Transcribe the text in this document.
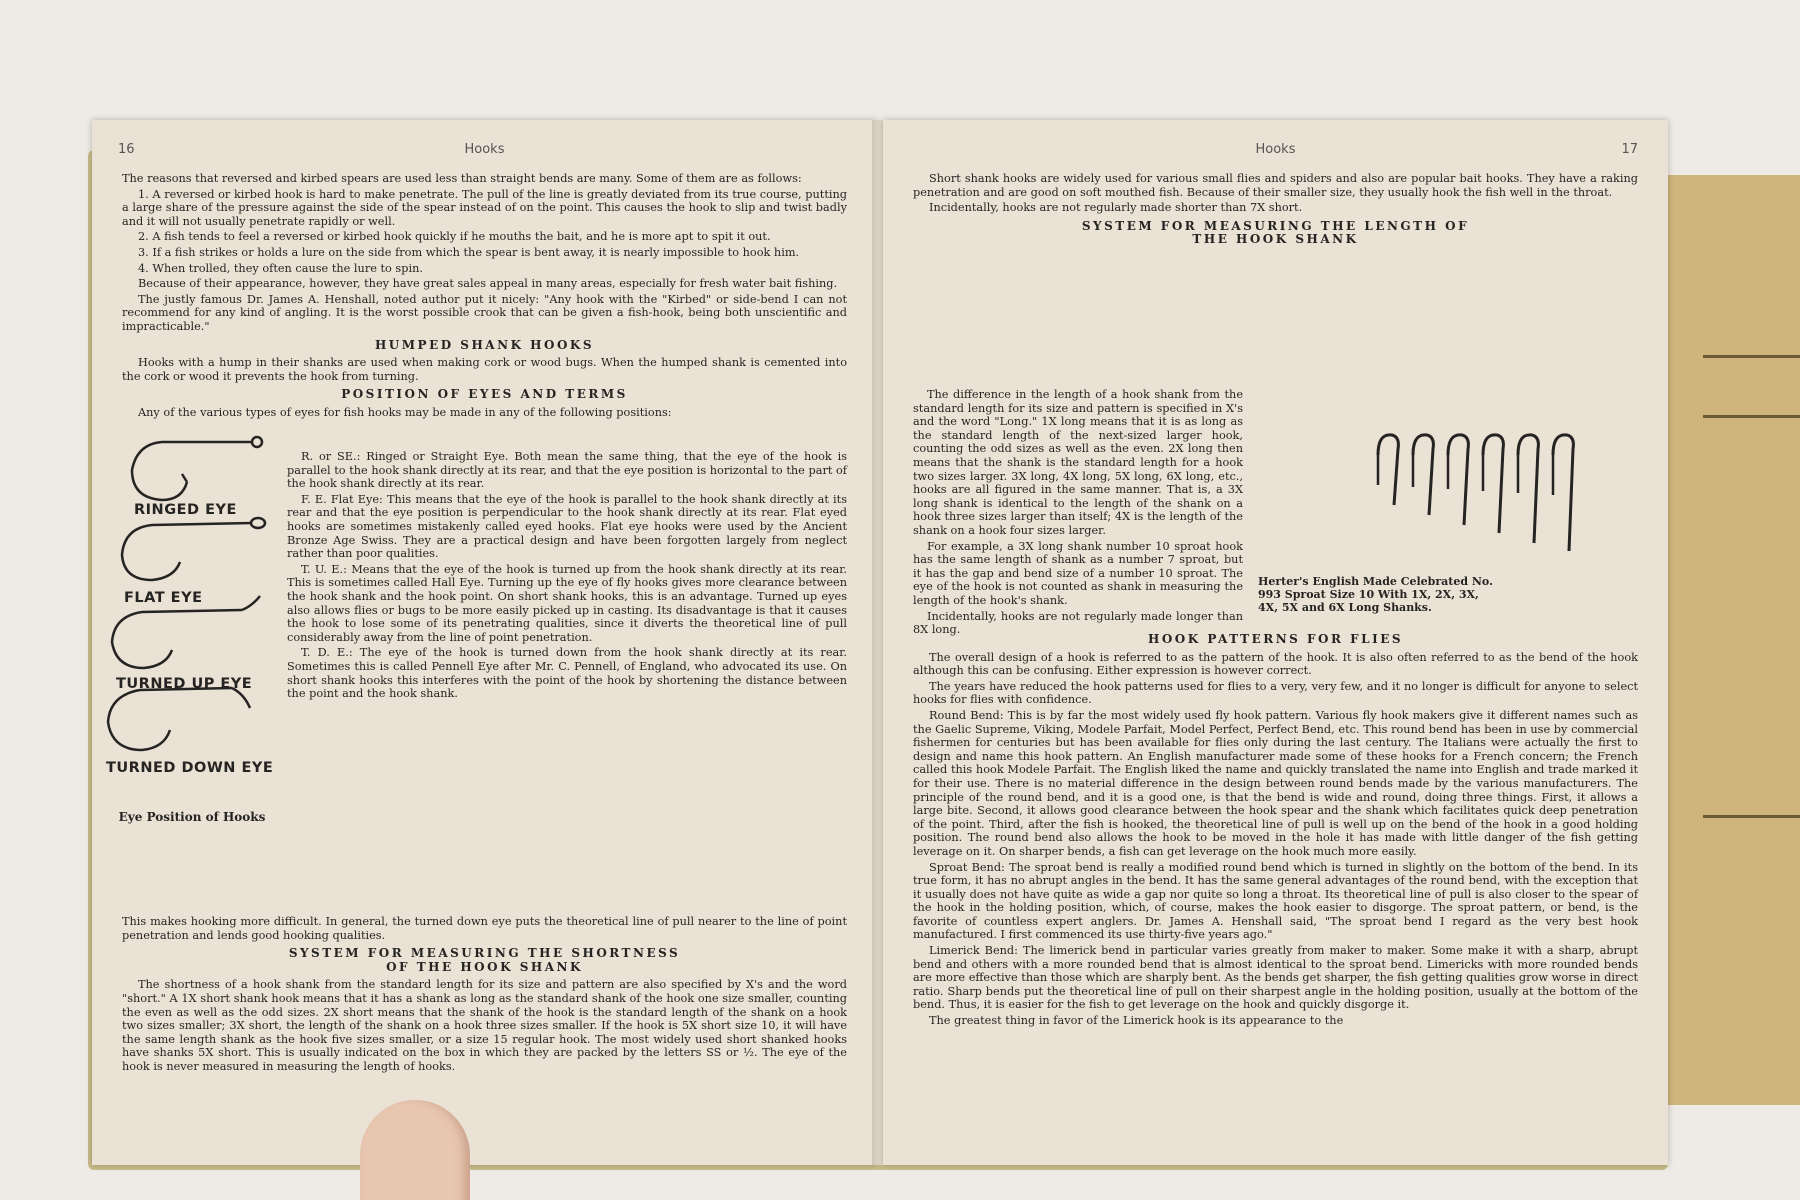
Hooks
16

The reasons that reversed and kirbed spears are used less than straight bends are many. Some of them are as follows:

1. A reversed or kirbed hook is hard to make penetrate. The pull of the line is greatly deviated from its true course, putting a large share of the pressure against the side of the spear instead of on the point. This causes the hook to slip and twist badly and it will not usually penetrate rapidly or well.

2. A fish tends to feel a reversed or kirbed hook quickly if he mouths the bait, and he is more apt to spit it out.

3. If a fish strikes or holds a lure on the side from which the spear is bent away, it is nearly impossible to hook him.

4. When trolled, they often cause the lure to spin.

Because of their appearance, however, they have great sales appeal in many areas, especially for fresh water bait fishing.

The justly famous Dr. James A. Henshall, noted author put it nicely: "Any hook with the "Kirbed" or side-bend I can not recommend for any kind of angling. It is the worst possible crook that can be given a fish-hook, being both unscientific and impracticable."

HUMPED SHANK HOOKS

Hooks with a hump in their shanks are used when making cork or wood bugs. When the humped shank is cemented into the cork or wood it prevents the hook from turning.

POSITION OF EYES AND TERMS

Any of the various types of eyes for fish hooks may be made in any of the following positions:

RINGED EYE
FLAT EYE
TURNED UP EYE
TURNED DOWN EYE
Eye Position of Hooks

R. or SE.: Ringed or Straight Eye. Both mean the same thing, that the eye of the hook is parallel to the hook shank directly at its rear, and that the eye position is horizontal to the part of the hook shank directly at its rear.

F. E. Flat Eye: This means that the eye of the hook is parallel to the hook shank directly at its rear and that the eye position is perpendicular to the hook shank directly at its rear. Flat eyed hooks are sometimes mistakenly called eyed hooks. Flat eye hooks were used by the Ancient Bronze Age Swiss. They are a practical design and have been forgotten largely from neglect rather than poor qualities.

T. U. E.: Means that the eye of the hook is turned up from the hook shank directly at its rear. This is sometimes called Hall Eye. Turning up the eye of fly hooks gives more clearance between the hook shank and the hook point. On short shank hooks, this is an advantage. Turned up eyes also allows flies or bugs to be more easily picked up in casting. Its disadvantage is that it causes the hook to lose some of its penetrating qualities, since it diverts the theoretical line of pull considerably away from the line of point penetration.

T. D. E.: The eye of the hook is turned down from the hook shank directly at its rear. Sometimes this is called Pennell Eye after Mr. C. Pennell, of England, who advocated its use. On short shank hooks this interferes with the point of the hook by shortening the distance between the point and the hook shank.

This makes hooking more difficult. In general, the turned down eye puts the theoretical line of pull nearer to the line of point penetration and lends good hooking qualities.

SYSTEM FOR MEASURING THE SHORTNESS
OF THE HOOK SHANK

The shortness of a hook shank from the standard length for its size and pattern are also specified by X's and the word "short." A 1X short shank hook means that it has a shank as long as the standard shank of the hook one size smaller, counting the even as well as the odd sizes. 2X short means that the shank of the hook is the standard length of the shank on a hook two sizes smaller; 3X short, the length of the shank on a hook three sizes smaller. If the hook is 5X short size 10, it will have the same length shank as the hook five sizes smaller, or a size 15 regular hook. The most widely used short shanked hooks have shanks 5X short. This is usually indicated on the box in which they are packed by the letters SS or ½. The eye of the hook is never measured in measuring the length of hooks.

Hooks	17

Short shank hooks are widely used for various small flies and spiders and also are popular bait hooks. They have a raking penetration and are good on soft mouthed fish. Because of their smaller size, they usually hook the fish well in the throat.

Incidentally, hooks are not regularly made shorter than 7X short.

SYSTEM FOR MEASURING THE LENGTH OF
THE HOOK SHANK

The difference in the length of a hook shank from the standard length for its size and pattern is specified in X's and the word "Long." 1X long means that it is as long as the standard length of the next-sized larger hook, counting the odd sizes as well as the even. 2X long then means that the shank is the standard length for a hook two sizes larger. 3X long, 4X long, 5X long, 6X long, etc., hooks are all figured in the same manner. That is, a 3X long shank is identical to the length of the shank on a hook three sizes larger than itself; 4X is the length of the shank on a hook four sizes larger.

For example, a 3X long shank number 10 sproat hook has the same length of shank as a number 7 sproat, but it has the gap and bend size of a number 10 sproat. The eye of the hook is not counted as shank in measuring the length of the hook's shank.

Incidentally, hooks are not regularly made longer than 8X long.

Herter's English Made Celebrated No. 993 Sproat Size 10 With 1X, 2X, 3X, 4X, 5X and 6X Long Shanks.
HOOK PATTERNS FOR FLIES

The overall design of a hook is referred to as the pattern of the hook. It is also often referred to as the bend of the hook although this can be confusing. Either expression is however correct.

The years have reduced the hook patterns used for flies to a very, very few, and it no longer is difficult for anyone to select hooks for flies with confidence.

Round Bend: This is by far the most widely used fly hook pattern. Various fly hook makers give it different names such as the Gaelic Supreme, Viking, Modele Parfait, Model Perfect, Perfect Bend, etc. This round bend has been in use by commercial fishermen for centuries but has been available for flies only during the last century. The Italians were actually the first to design and name this hook pattern. An English manufacturer made some of these hooks for a French concern; the French called this hook Modele Parfait. The English liked the name and quickly translated the name into English and trade marked it for their use. There is no material difference in the design between round bends made by the various manufacturers. The principle of the round bend, and it is a good one, is that the bend is wide and round, doing three things. First, it allows a large bite. Second, it allows good clearance between the hook spear and the shank which facilitates quick deep penetration of the point. Third, after the fish is hooked, the theoretical line of pull is well up on the bend of the hook in a good holding position. The round bend also allows the hook to be moved in the hole it has made with little danger of the fish getting leverage on it. On sharper bends, a fish can get leverage on the hook much more easily.

Sproat Bend: The sproat bend is really a modified round bend which is turned in slightly on the bottom of the bend. In its true form, it has no abrupt angles in the bend. It has the same general advantages of the round bend, with the exception that it usually does not have quite as wide a gap nor quite so long a throat. Its theoretical line of pull is also closer to the spear of the hook in the holding position, which, of course, makes the hook easier to disgorge. The sproat pattern, or bend, is the favorite of countless expert anglers. Dr. James A. Henshall said, "The sproat bend I regard as the very best hook manufactured. I first commenced its use thirty-five years ago."

Limerick Bend: The limerick bend in particular varies greatly from maker to maker. Some make it with a sharp, abrupt bend and others with a more rounded bend that is almost identical to the sproat bend. Limericks with more rounded bends are more effective than those which are sharply bent. As the bends get sharper, the fish getting qualities grow worse in direct ratio. Sharp bends put the theoretical line of pull on their sharpest angle in the holding position, usually at the bottom of the bend. Thus, it is easier for the fish to get leverage on the hook and quickly disgorge it.

The greatest thing in favor of the Limerick hook is its appearance to the
